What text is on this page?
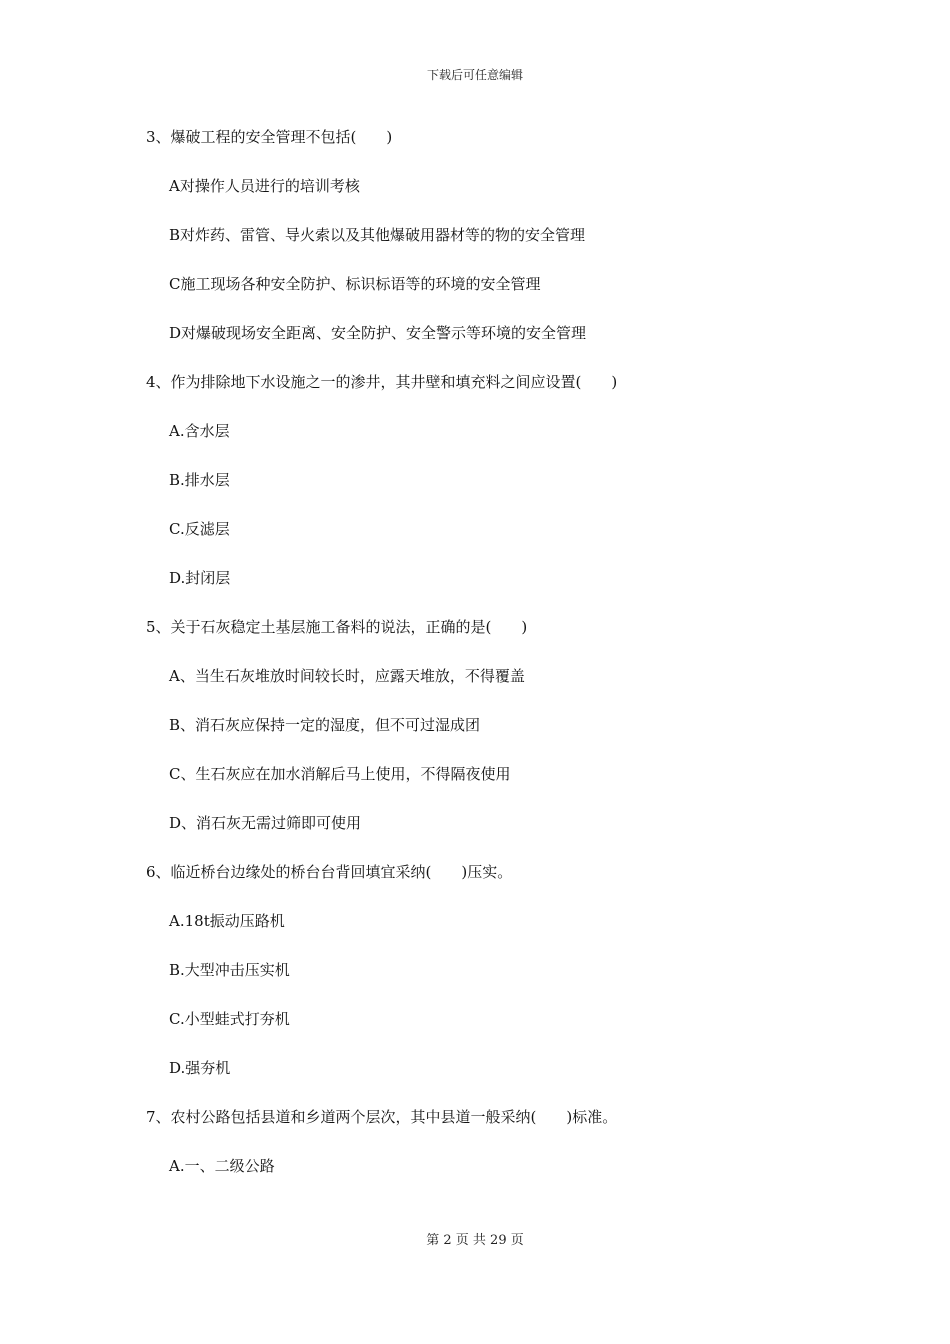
下载后可任意编辑
3、爆破工程的安全管理不包括(　　)
A对操作人员进行的培训考核
B对炸药、雷管、导火索以及其他爆破用器材等的物的安全管理
C施工现场各种安全防护、标识标语等的环境的安全管理
D对爆破现场安全距离、安全防护、安全警示等环境的安全管理
4、作为排除地下水设施之一的渗井，其井壁和填充料之间应设置(　　)
A.含水层
B.排水层
C.反滤层
D.封闭层
5、关于石灰稳定土基层施工备料的说法，正确的是(　　)
A、当生石灰堆放时间较长时，应露天堆放，不得覆盖
B、消石灰应保持一定的湿度，但不可过湿成团
C、生石灰应在加水消解后马上使用，不得隔夜使用
D、消石灰无需过筛即可使用
6、临近桥台边缘处的桥台台背回填宜采纳(　　)压实。
A.18t振动压路机
B.大型冲击压实机
C.小型蛙式打夯机
D.强夯机
7、农村公路包括县道和乡道两个层次，其中县道一般采纳(　　)标准。
A.一、二级公路
第 2 页 共 29 页
